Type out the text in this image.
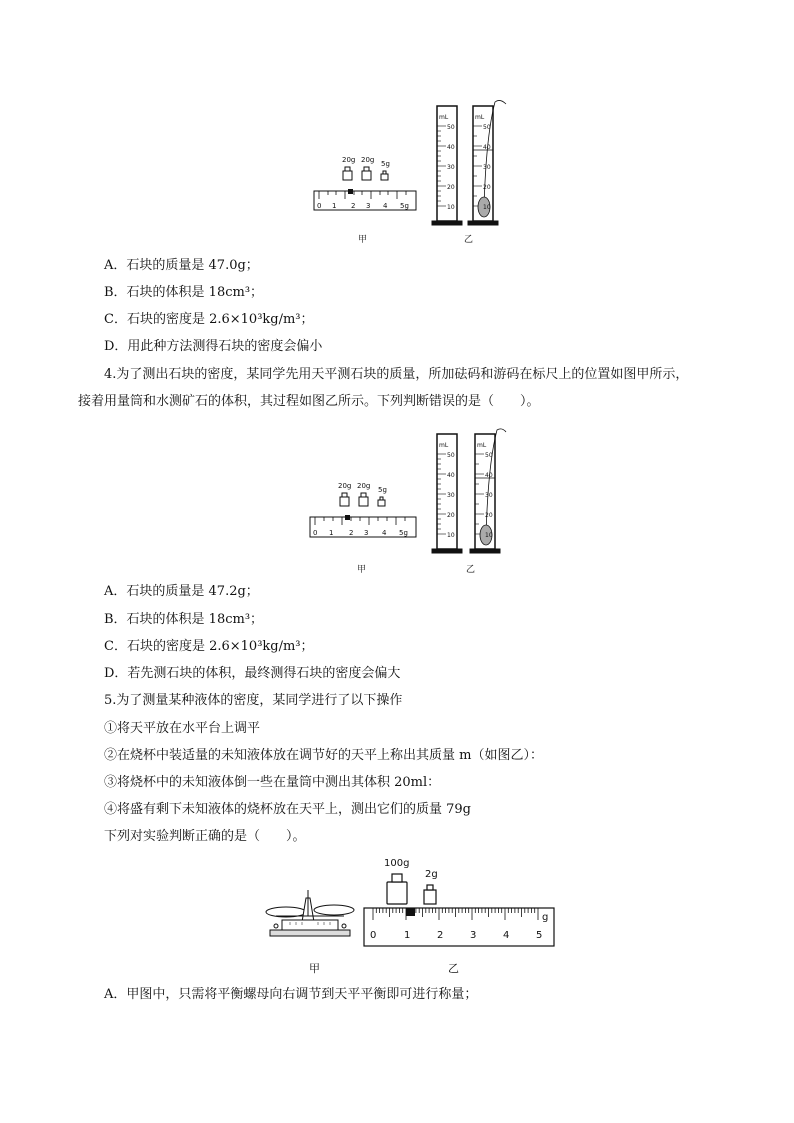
20g 20g 5g
0 1 2 3 4 5g
mL
50
40
30
20
10
mL
50
40
30
20
10
甲	乙
A．石块的质量是 47.0g；
B．石块的体积是 18cm³；
C．石块的密度是 2.6×10³kg/m³；
D．用此种方法测得石块的密度会偏小
4.为了测出石块的密度，某同学先用天平测石块的质量，所加砝码和游码在标尺上的位置如图甲所示，
接着用量筒和水测矿石的体积，其过程如图乙所示。下列判断错误的是（　　）。
20g 20g 5g
0 1 2 3 4 5g
mL
50
40
30
20
10
mL
50
40
30
20
10
甲	乙
A．石块的质量是 47.2g；
B．石块的体积是 18cm³；
C．石块的密度是 2.6×10³kg/m³；
D．若先测石块的体积，最终测得石块的密度会偏大
5.为了测量某种液体的密度，某同学进行了以下操作
①将天平放在水平台上调平
②在烧杯中装适量的未知液体放在调节好的天平上称出其质量 m（如图乙）：
③将烧杯中的未知液体倒一些在量筒中测出其体积 20ml：
④将盛有剩下未知液体的烧杯放在天平上，测出它们的质量 79g
下列对实验判断正确的是（　　）。
100g
2g
g
0	1	2	3	4	5
甲	乙
A．甲图中，只需将平衡螺母向右调节到天平平衡即可进行称量；
